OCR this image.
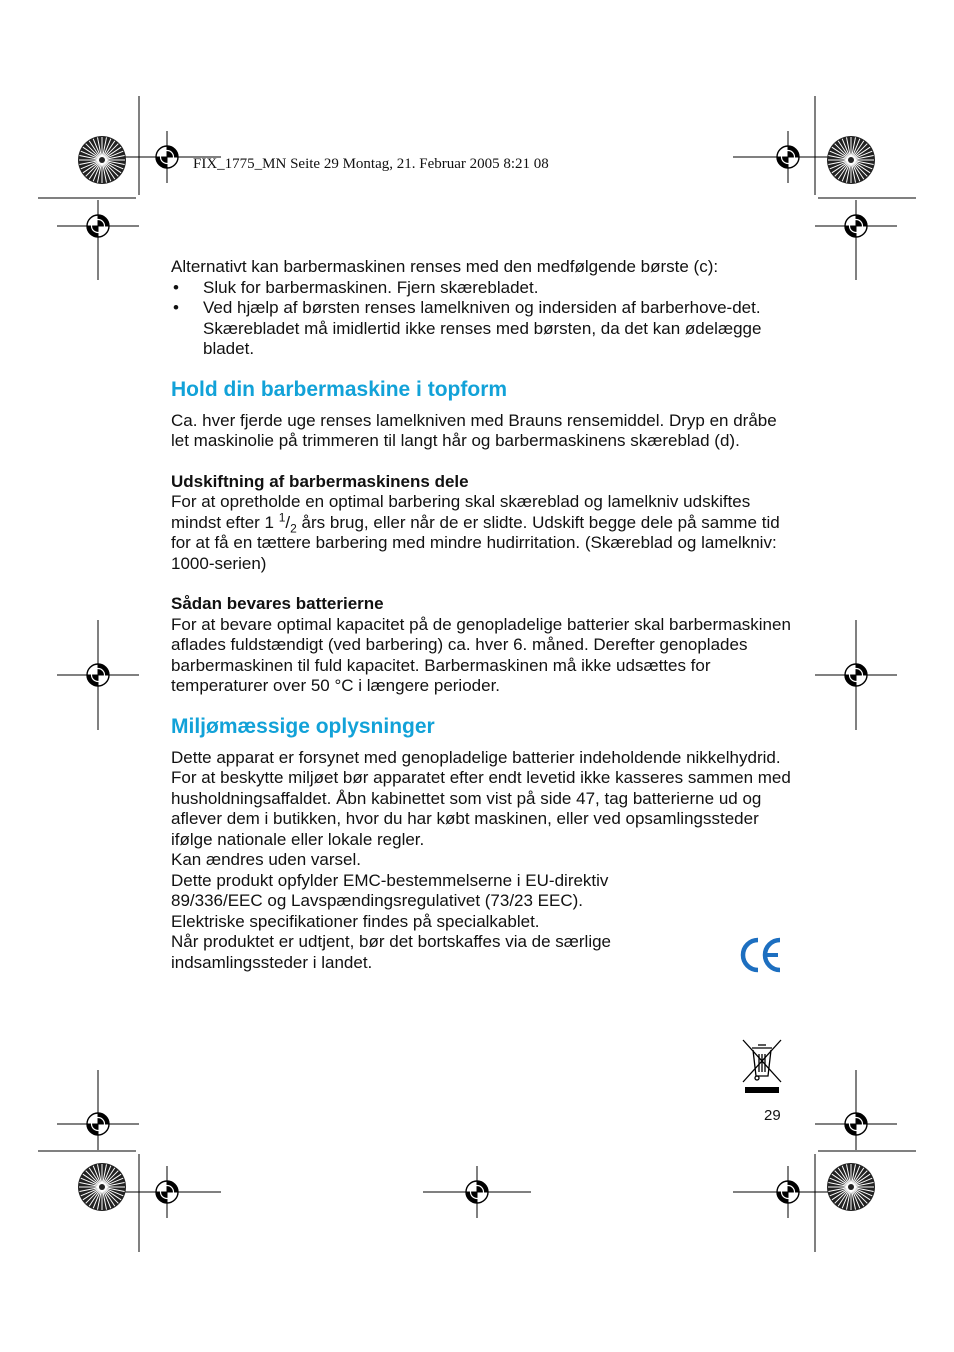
FIX_1775_MN Seite 29 Montag, 21. Februar 2005 8:21 08

Alternativt kan barbermaskinen renses med den medfølgende børste (c):

• Sluk for barbermaskinen. Fjern skærebladet.
• Ved hjælp af børsten renses lamelkniven og indersiden af barberhove-det. Skærebladet må imidlertid ikke renses med børsten, da det kan ødelægge bladet.
Hold din barbermaskine i topform

Ca. hver fjerde uge renses lamelkniven med Brauns rensemiddel. Dryp en dråbe let maskinolie på trimmeren til langt hår og barbermaskinens skæreblad (d).

Udskiftning af barbermaskinens dele

For at opretholde en optimal barbering skal skæreblad og lamelkniv udskiftes mindst efter 1 $^1/_2$ års brug, eller når de er slidte. Udskift begge dele på samme tid for at få en tættere barbering med mindre hudirritation. (Skæreblad og lamelkniv: 1000-serien)

Sådan bevares batterierne

For at bevare optimal kapacitet på de genopladelige batterier skal barbermaskinen aflades fuldstændigt (ved barbering) ca. hver 6. måned. Derefter genoplades barbermaskinen til fuld kapacitet. Barbermaskinen må ikke udsættes for temperaturer over 50 °C i længere perioder.

Miljømæssige oplysninger

Dette apparat er forsynet med genopladelige batterier indeholdende nikkelhydrid. For at beskytte miljøet bør apparatet efter endt levetid ikke kasseres sammen med husholdningsaffaldet. Åbn kabinettet som vist på side 47, tag batterierne ud og aflever dem i butikken, hvor du har købt maskinen, eller ved opsamlingssteder ifølge nationale eller lokale regler.

Kan ændres uden varsel.

Dette produkt opfylder EMC-bestemmelserne i EU-direktiv 89/336/EEC og Lavspændingsregulativet (73/23 EEC).

Elektriske specifikationer findes på specialkablet.

Når produktet er udtjent, bør det bortskaffes via de særlige indsamlingssteder i landet.

29
